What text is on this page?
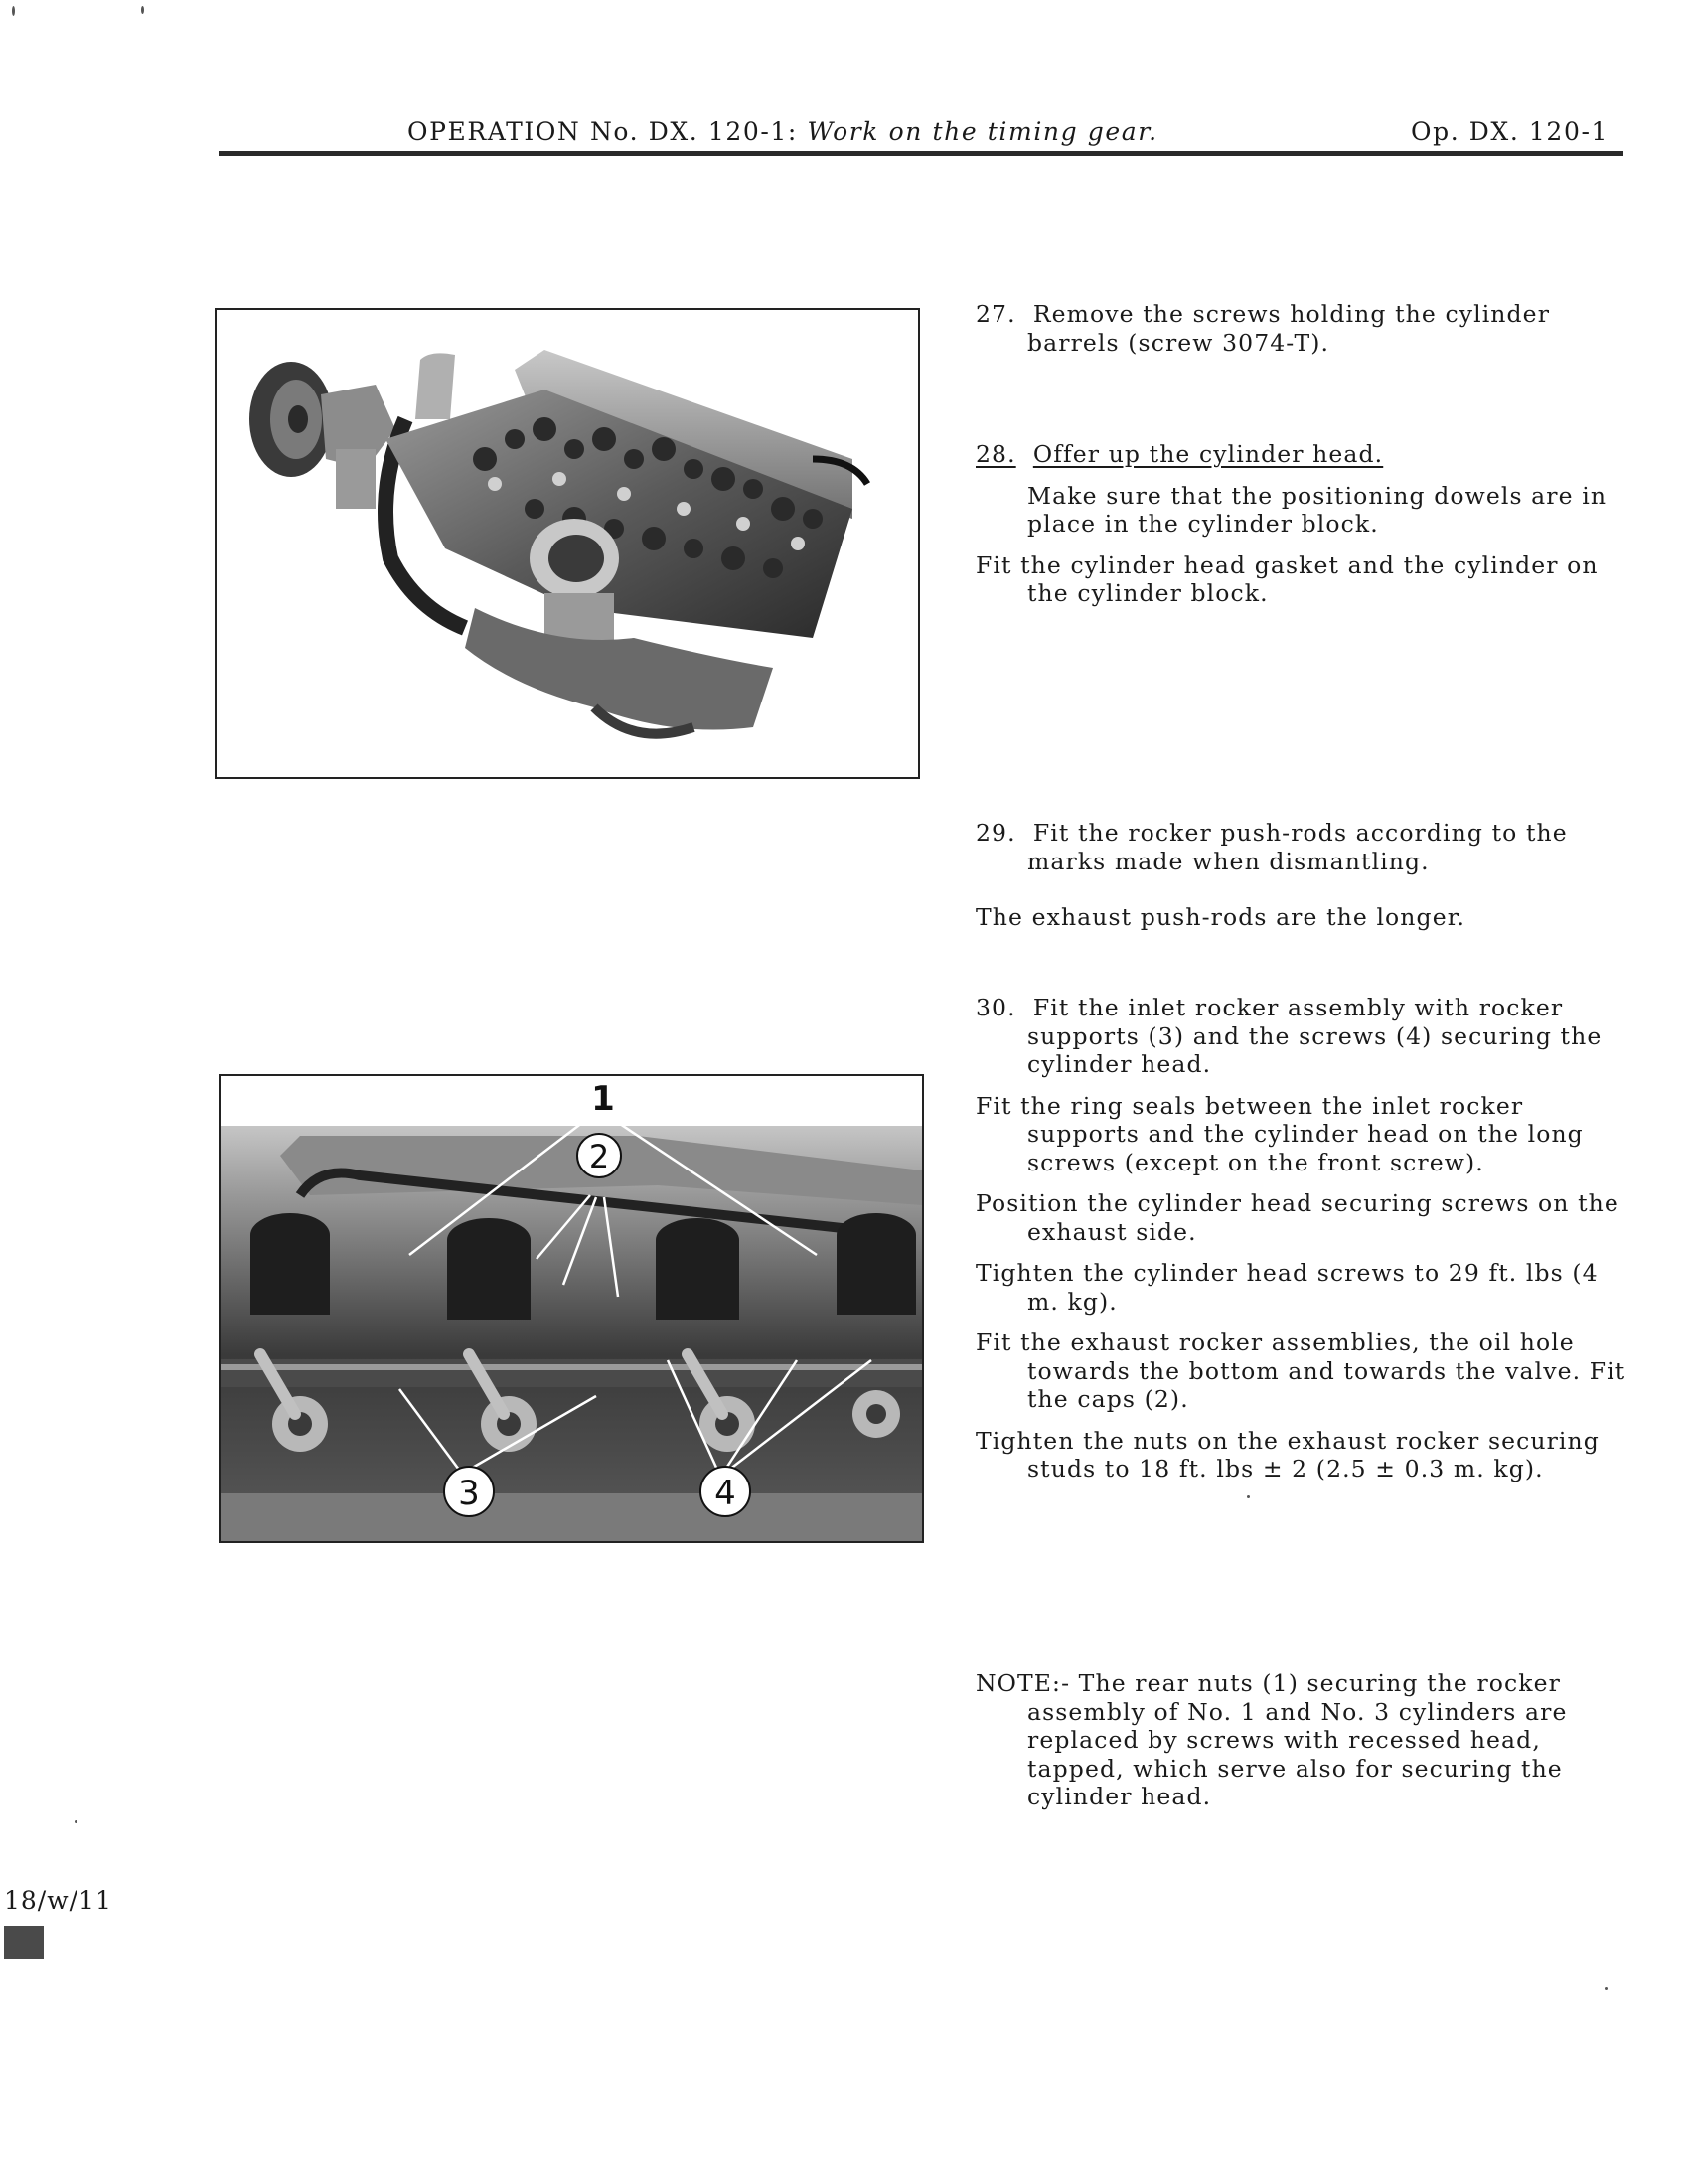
OPERATION No. DX. 120-1: Work on the timing gear.	Op. DX. 120-1
1
2
3	4

27. Remove the screws holding the cylinder barrels (screw 3074-T).

28. Offer up the cylinder head.

Make sure that the positioning dowels are in place in the cylinder block.

Fit the cylinder head gasket and the cylinder on the cylinder block.

29. Fit the rocker push-rods according to the marks made when dismantling.

The exhaust push-rods are the longer.

30. Fit the inlet rocker assembly with rocker supports (3) and the screws (4) securing the cylinder head.

Fit the ring seals between the inlet rocker supports and the cylinder head on the long screws (except on the front screw).

Position the cylinder head securing screws on the exhaust side.

Tighten the cylinder head screws to 29 ft. lbs (4 m. kg).

Fit the exhaust rocker assemblies, the oil hole towards the bottom and towards the valve. Fit the caps (2).

Tighten the nuts on the exhaust rocker securing studs to 18 ft. lbs ± 2 (2.5 ± 0.3 m. kg).

NOTE:- The rear nuts (1) securing the rocker assembly of No. 1 and No. 3 cylinders are replaced by screws with recessed head, tapped, which serve also for securing the cylinder head.

18/w/11
